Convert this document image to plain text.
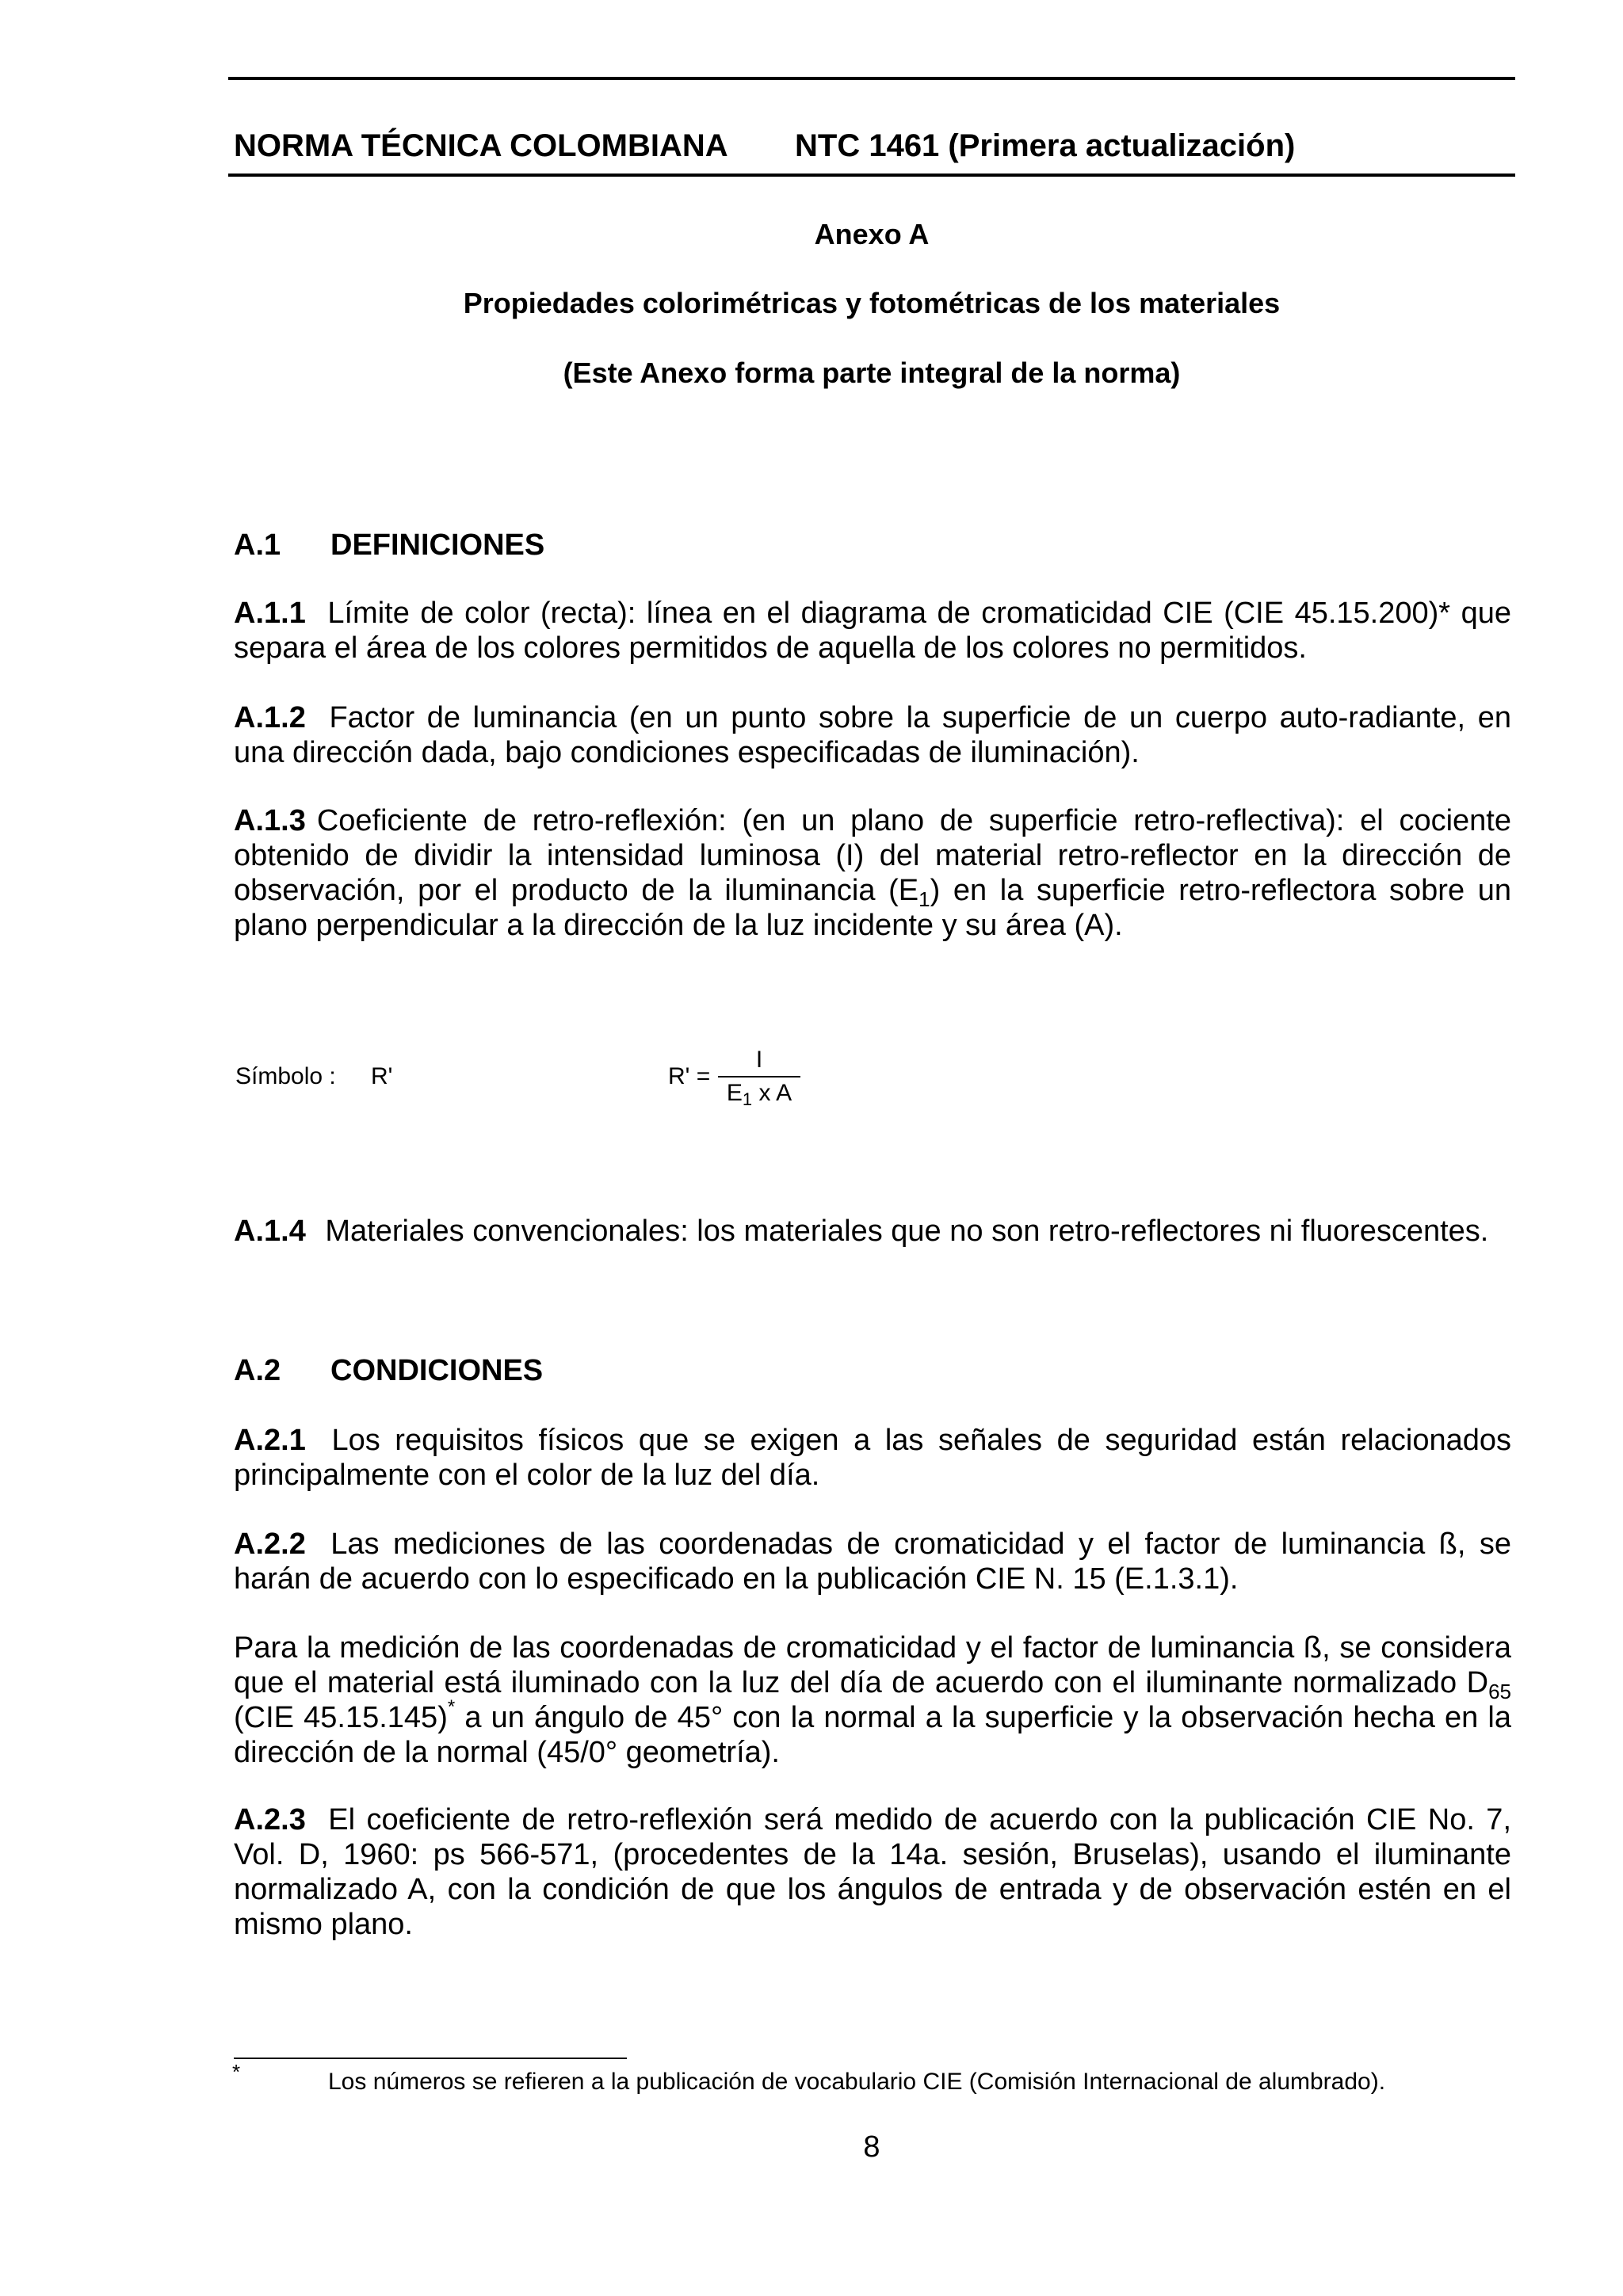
NORMA TÉCNICA COLOMBIANA NTC 1461 (Primera actualización)
Anexo A
Propiedades colorimétricas y fotométricas de los materiales
(Este Anexo forma parte integral de la norma)
A.1 DEFINICIONES
A.1.1 Límite de color (recta): línea en el diagrama de cromaticidad CIE (CIE 45.15.200)* que separa el área de los colores permitidos de aquella de los colores no permitidos.
A.1.2 Factor de luminancia (en un punto sobre la superficie de un cuerpo auto-radiante, en una dirección dada, bajo condiciones especificadas de iluminación).
A.1.3 Coeficiente de retro-reflexión: (en un plano de superficie retro-reflectiva): el cociente obtenido de dividir la intensidad luminosa (I) del material retro-reflector en la dirección de observación, por el producto de la iluminancia $(E_1)$ en la superficie retro-reflectora sobre un plano perpendicular a la dirección de la luz incidente y su área (A).
Símbolo : R'	R' =
I
$E_1$ x A
A.1.4 Materiales convencionales: los materiales que no son retro-reflectores ni fluorescentes.
A.2 CONDICIONES
A.2.1 Los requisitos físicos que se exigen a las señales de seguridad están relacionados principalmente con el color de la luz del día.
A.2.2 Las mediciones de las coordenadas de cromaticidad y el factor de luminancia ß, se harán de acuerdo con lo especificado en la publicación CIE N. 15 (E.1.3.1).
Para la medición de las coordenadas de cromaticidad y el factor de luminancia ß, se considera que el material está iluminado con la luz del día de acuerdo con el iluminante normalizado $D_{65}$ (CIE 45.15.145)* a un ángulo de 45° con la normal a la superficie y la observación hecha en la dirección de la normal (45/0° geometría).
A.2.3 El coeficiente de retro-reflexión será medido de acuerdo con la publicación CIE No. 7, Vol. D, 1960: ps 566-571, (procedentes de la 14a. sesión, Bruselas), usando el iluminante normalizado A, con la condición de que los ángulos de entrada y de observación estén en el mismo plano.
*	Los números se refieren a la publicación de vocabulario CIE (Comisión Internacional de alumbrado).
8
